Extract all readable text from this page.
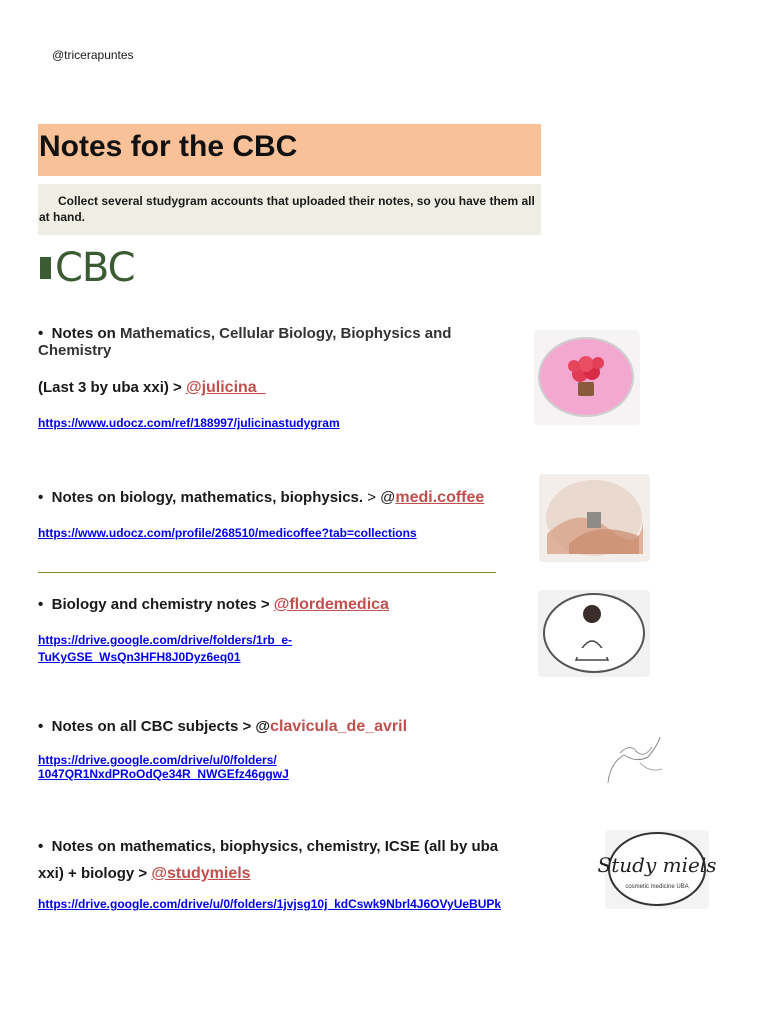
@tricerapuntes
Notes for the CBC

Collect several studygram accounts that uploaded their notes, so you have them all at hand.

CBC
• Notes on Mathematics, Cellular Biology, Biophysics and Chemistry
(Last 3 by uba xxi) > @julicina_
https://www.udocz.com/ref/188997/julicinastudygram
• Notes on biology, mathematics, biophysics. > @medi.coffee
https://www.udocz.com/profile/268510/medicoffee?tab=collections
• Biology and chemistry notes > @flordemedica
https://drive.google.com/drive/folders/1rb_e-
TuKyGSE_WsQn3HFH8J0Dyz6eq01
• Notes on all CBC subjects > @clavicula_de_avril
https://drive.google.com/drive/u/0/folders/
1047QR1NxdPRoOdQe34R_NWGEfz46ggwJ
• Notes on mathematics, biophysics, chemistry, ICSE (all by uba
xxi) + biology > @studymiels
https://drive.google.com/drive/u/0/folders/1jvjsg10j_kdCswk9Nbrl4J6OVyUeBUPk
Study miels
cosmetic medicine UBA
